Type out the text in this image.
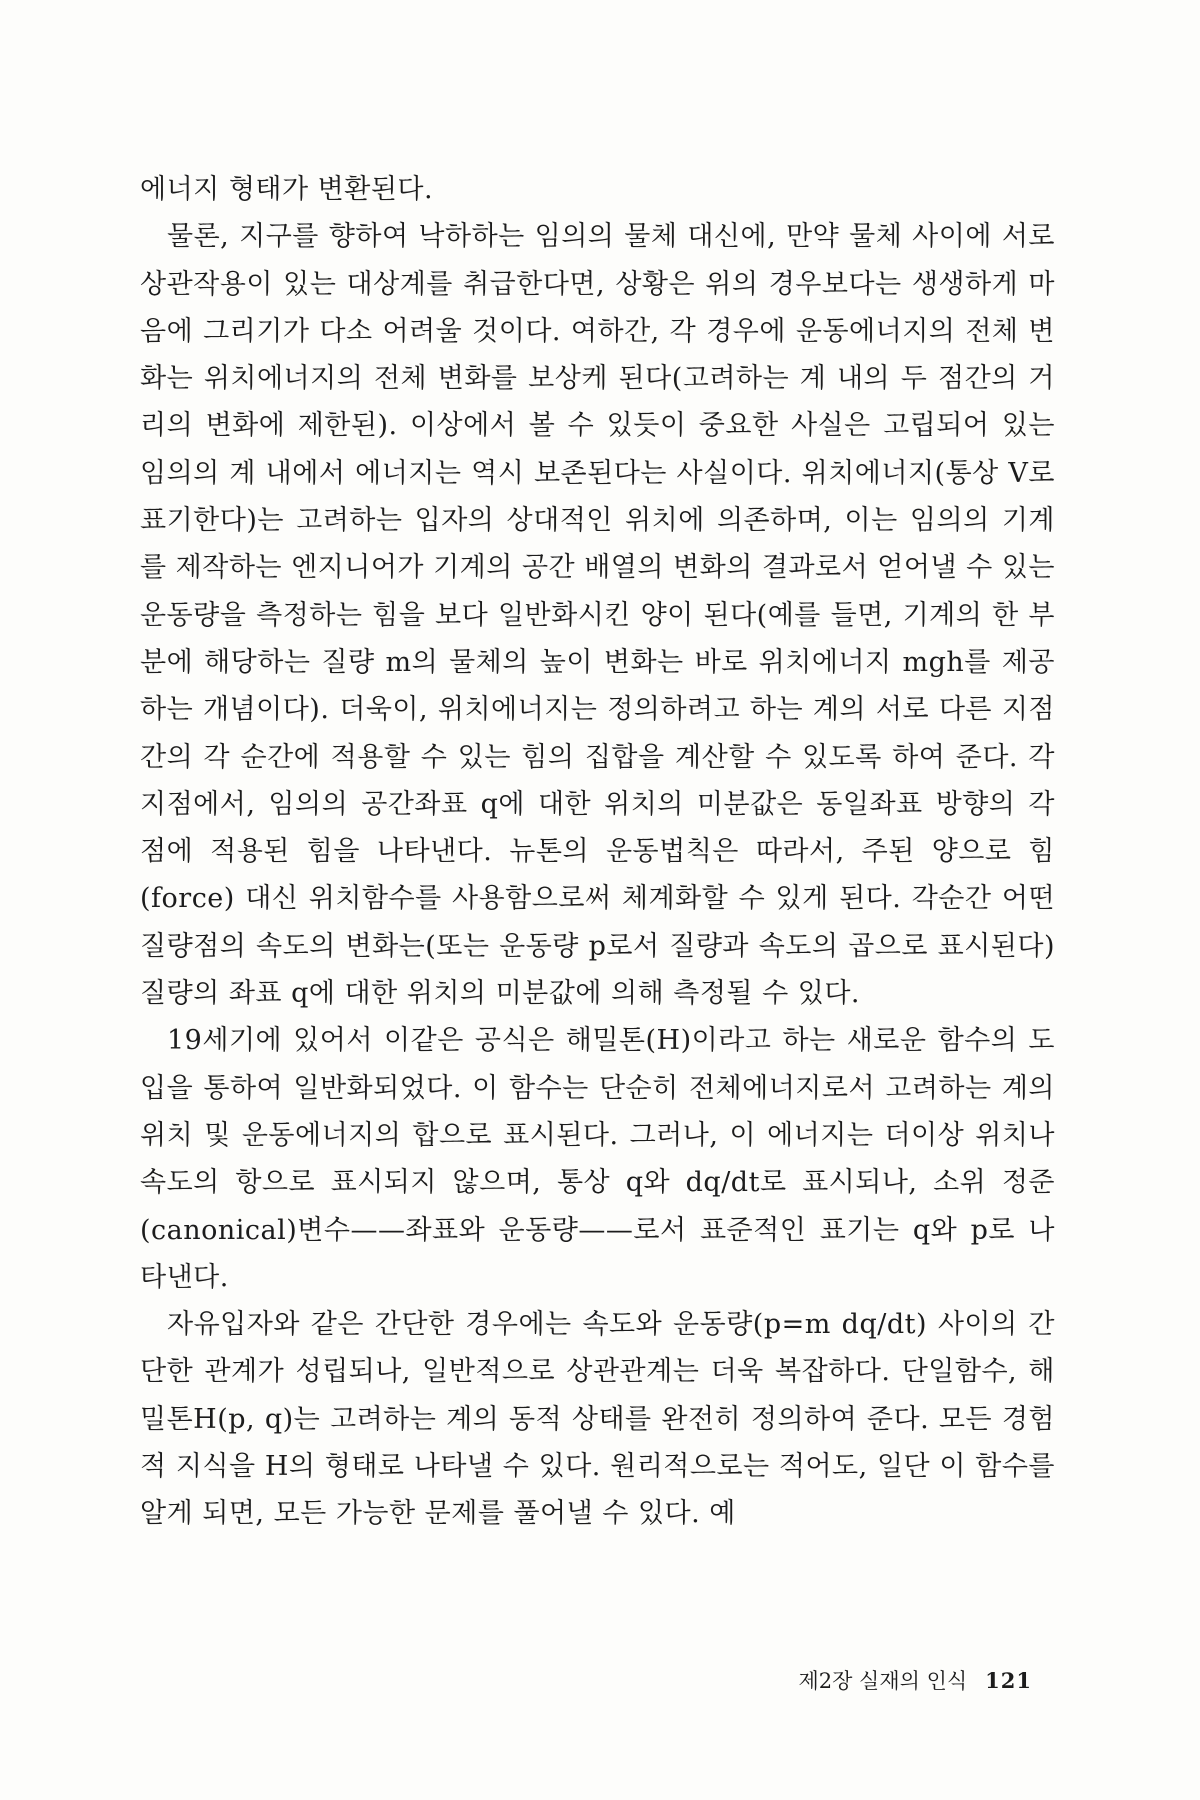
에너지 형태가 변환된다.

물론, 지구를 향하여 낙하하는 임의의 물체 대신에, 만약 물체 사이에 서로 상관작용이 있는 대상계를 취급한다면, 상황은 위의 경우보다는 생생하게 마음에 그리기가 다소 어려울 것이다. 여하간, 각 경우에 운동에너지의 전체 변화는 위치에너지의 전체 변화를 보상케 된다(고려하는 계 내의 두 점간의 거리의 변화에 제한된). 이상에서 볼 수 있듯이 중요한 사실은 고립되어 있는 임의의 계 내에서 에너지는 역시 보존된다는 사실이다. 위치에너지(통상 V로 표기한다)는 고려하는 입자의 상대적인 위치에 의존하며, 이는 임의의 기계를 제작하는 엔지니어가 기계의 공간 배열의 변화의 결과로서 얻어낼 수 있는 운동량을 측정하는 힘을 보다 일반화시킨 양이 된다(예를 들면, 기계의 한 부분에 해당하는 질량 m의 물체의 높이 변화는 바로 위치에너지 mgh를 제공하는 개념이다). 더욱이, 위치에너지는 정의하려고 하는 계의 서로 다른 지점간의 각 순간에 적용할 수 있는 힘의 집합을 계산할 수 있도록 하여 준다. 각 지점에서, 임의의 공간좌표 q에 대한 위치의 미분값은 동일좌표 방향의 각 점에 적용된 힘을 나타낸다. 뉴톤의 운동법칙은 따라서, 주된 양으로 힘(force) 대신 위치함수를 사용함으로써 체계화할 수 있게 된다. 각순간 어떤 질량점의 속도의 변화는(또는 운동량 p로서 질량과 속도의 곱으로 표시된다) 질량의 좌표 q에 대한 위치의 미분값에 의해 측정될 수 있다.

19세기에 있어서 이같은 공식은 해밀톤(H)이라고 하는 새로운 함수의 도입을 통하여 일반화되었다. 이 함수는 단순히 전체에너지로서 고려하는 계의 위치 및 운동에너지의 합으로 표시된다. 그러나, 이 에너지는 더이상 위치나 속도의 항으로 표시되지 않으며, 통상 q와 dq/dt로 표시되나, 소위 정준(canonical)변수——좌표와 운동량——로서 표준적인 표기는 q와 p로 나타낸다.

자유입자와 같은 간단한 경우에는 속도와 운동량(p=m dq/dt) 사이의 간단한 관계가 성립되나, 일반적으로 상관관계는 더욱 복잡하다. 단일함수, 해밀톤H(p, q)는 고려하는 계의 동적 상태를 완전히 정의하여 준다. 모든 경험적 지식을 H의 형태로 나타낼 수 있다. 원리적으로는 적어도, 일단 이 함수를 알게 되면, 모든 가능한 문제를 풀어낼 수 있다. 예

제2장 실재의 인식 121
